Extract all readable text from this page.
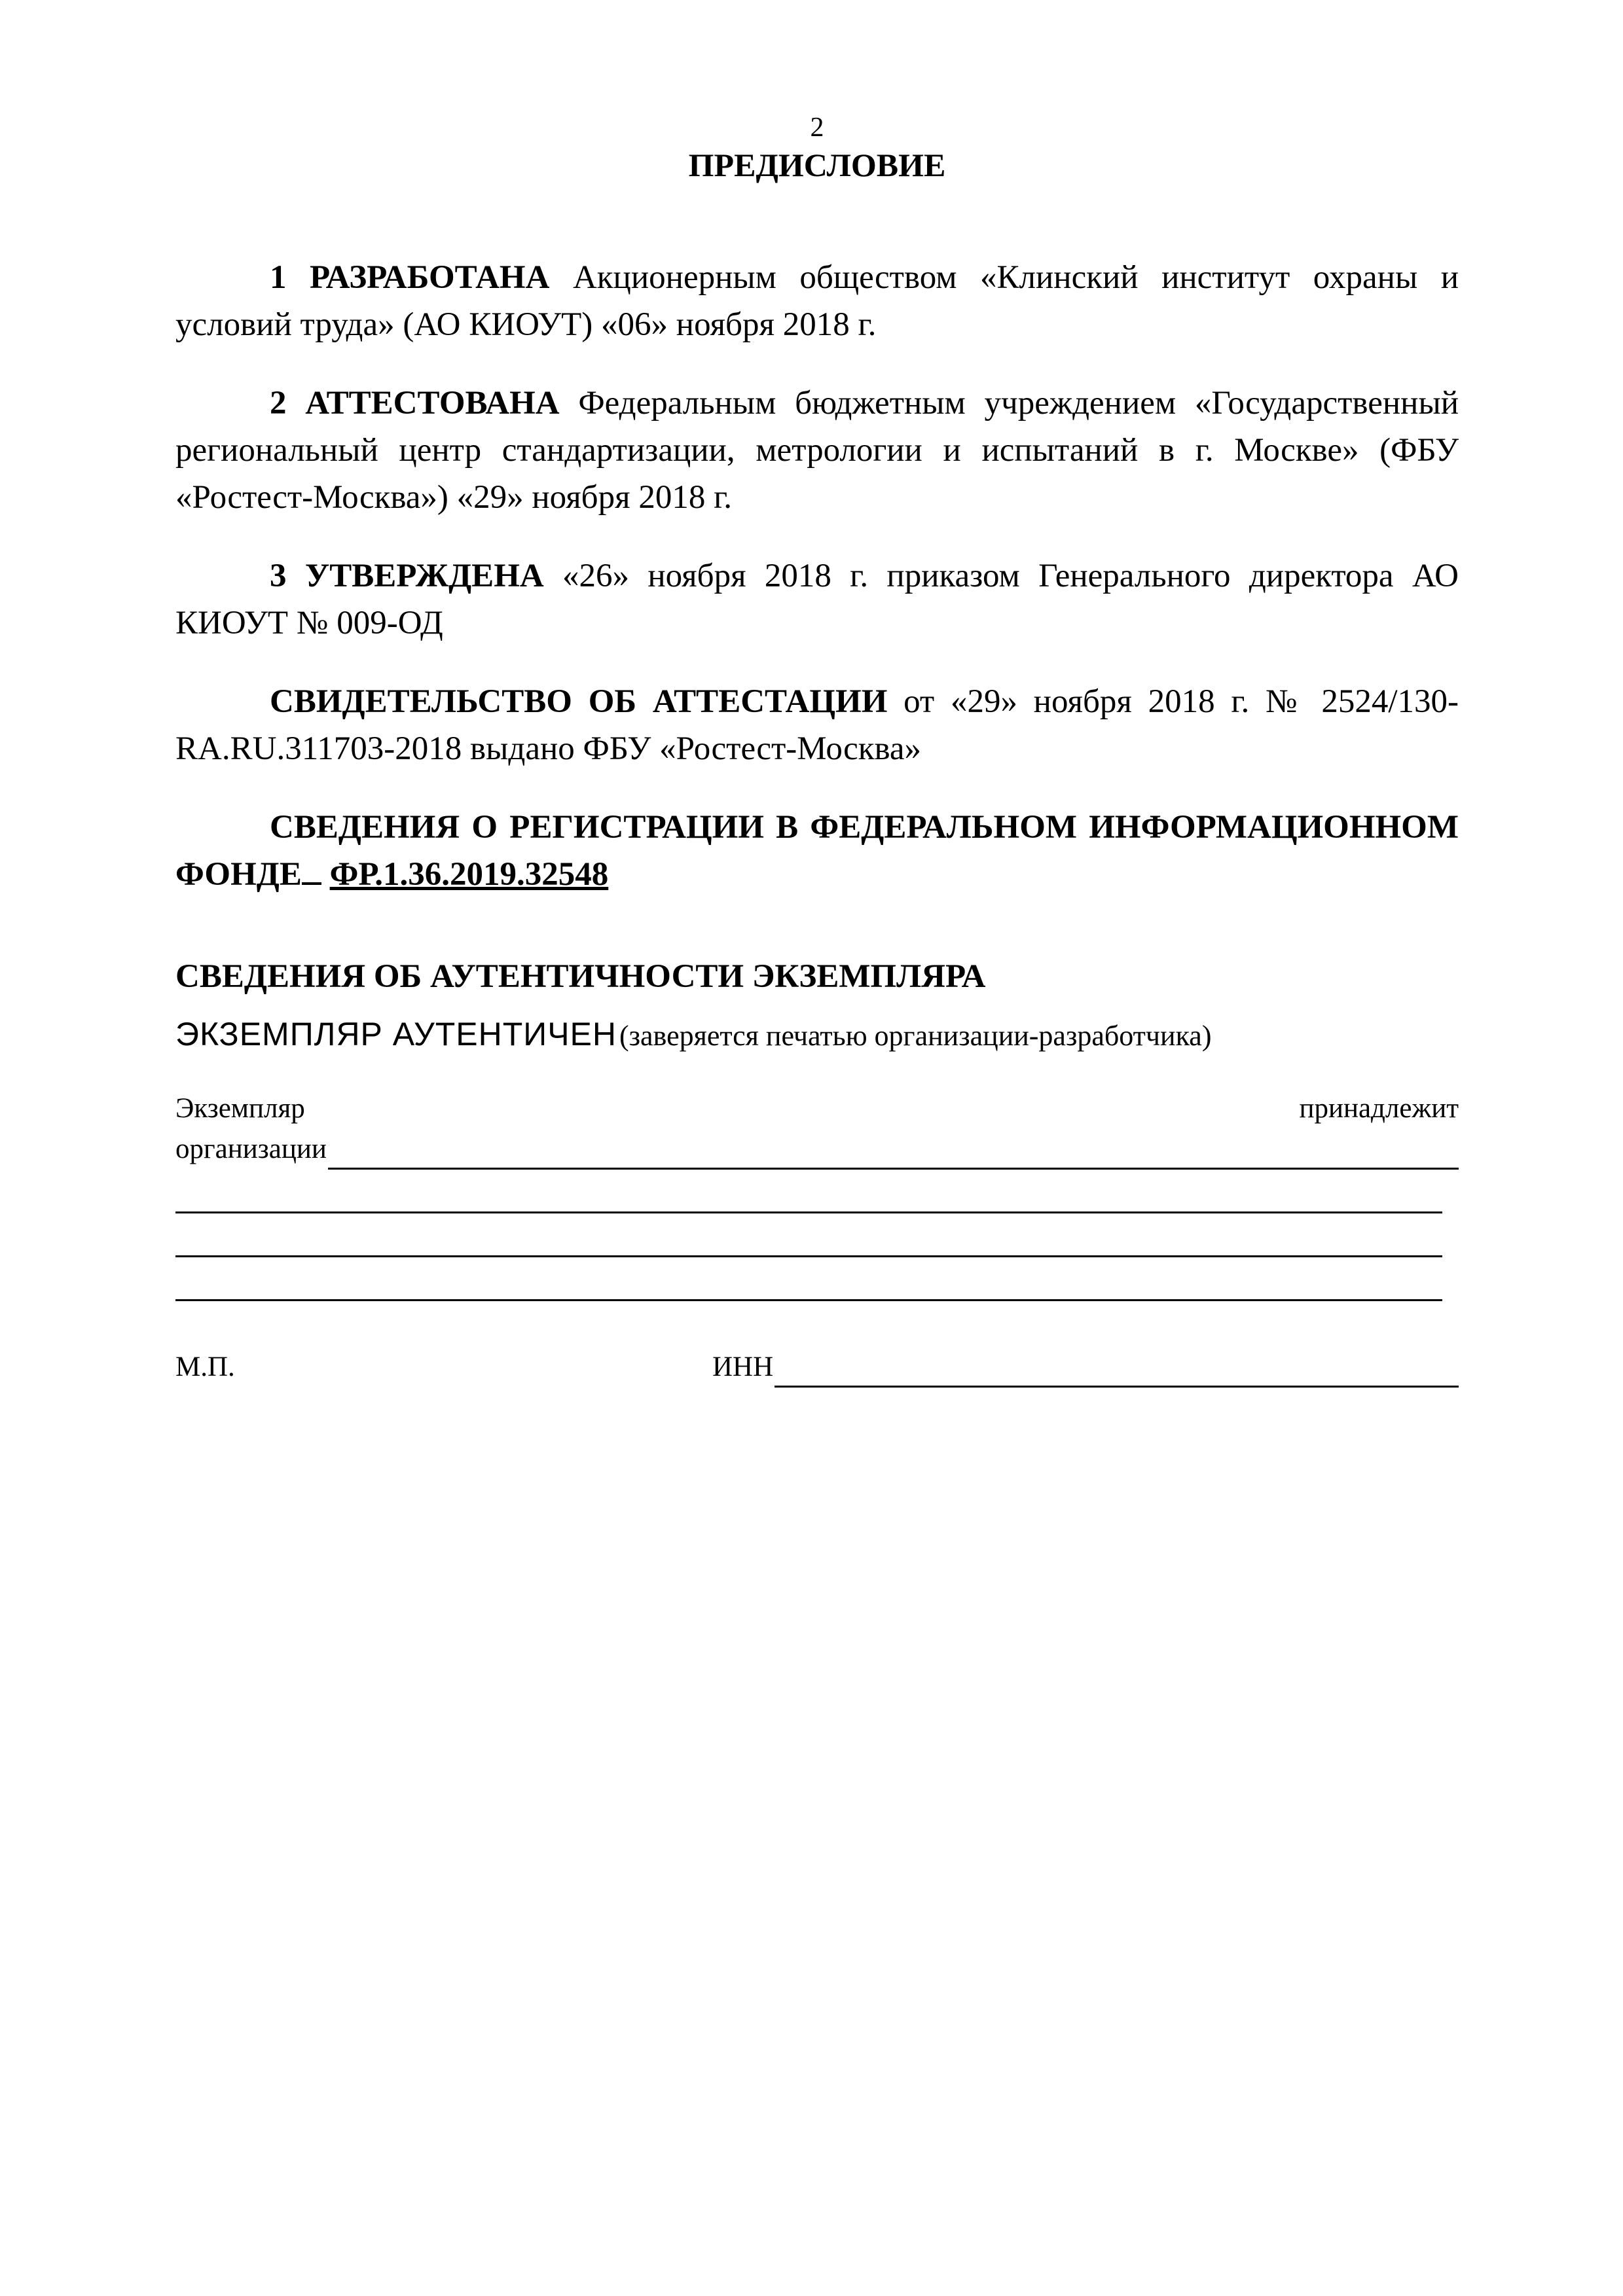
2

ПРЕДИСЛОВИЕ

1 РАЗРАБОТАНА Акционерным обществом «Клинский институт охраны и условий труда» (АО КИОУТ) «06» ноября 2018 г.

2 АТТЕСТОВАНА Федеральным бюджетным учреждением «Государственный региональный центр стандартизации, метрологии и испытаний в г. Москве» (ФБУ «Ростест-Москва») «29» ноября 2018 г.

3 УТВЕРЖДЕНА «26» ноября 2018 г. приказом Генерального директора АО КИОУТ № 009-ОД

СВИДЕТЕЛЬСТВО ОБ АТТЕСТАЦИИ от «29» ноября 2018 г. № 2524/130-RA.RU.311703-2018 выдано ФБУ «Ростест-Москва»

СВЕДЕНИЯ О РЕГИСТРАЦИИ В ФЕДЕРАЛЬНОМ ИНФОРМАЦИОННОМ ФОНДЕ ФР.1.36.2019.32548

СВЕДЕНИЯ ОБ АУТЕНТИЧНОСТИ ЭКЗЕМПЛЯРА

ЭКЗЕМПЛЯР АУТЕНТИЧЕН (заверяется печатью организации-разработчика)

Экземпляр	принадлежит
организации
М.П.	ИНН
